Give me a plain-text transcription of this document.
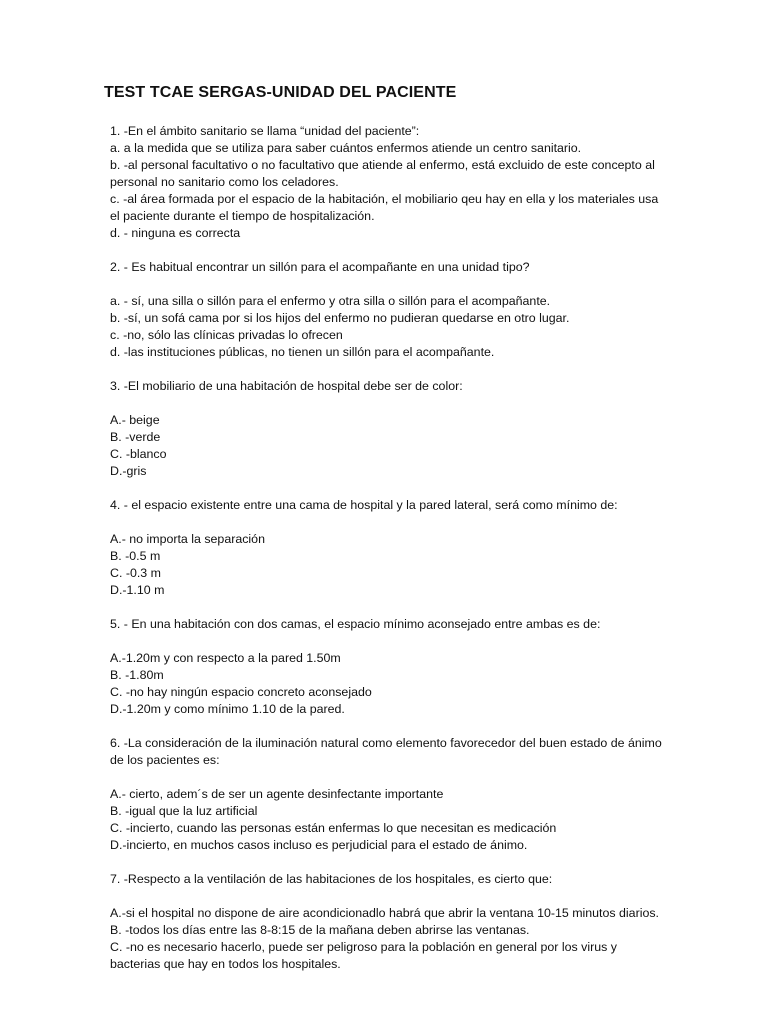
TEST TCAE SERGAS-UNIDAD DEL PACIENTE

1. -En el ámbito sanitario se llama “unidad del paciente”:

a. a la medida que se utiliza para saber cuántos enfermos atiende un centro sanitario.

b. -al personal facultativo o no facultativo que atiende al enfermo, está excluido de este concepto al personal no sanitario como los celadores.

c. -al área formada por el espacio de la habitación, el mobiliario qeu hay en ella y los materiales usa el paciente durante el tiempo de hospitalización.

d. - ninguna es correcta

2. - Es habitual encontrar un sillón para el acompañante en una unidad tipo?

a. - sí, una silla o sillón para el enfermo y otra silla o sillón para el acompañante.

b. -sí, un sofá cama por si los hijos del enfermo no pudieran quedarse en otro lugar.

c. -no, sólo las clínicas privadas lo ofrecen

d. -las instituciones públicas, no tienen un sillón para el acompañante.

3. -El mobiliario de una habitación de hospital debe ser de color:

A.- beige

B. -verde

C. -blanco

D.-gris

4. - el espacio existente entre una cama de hospital y la pared lateral, será como mínimo de:

A.- no importa la separación

B. -0.5 m

C. -0.3 m

D.-1.10 m

5. - En una habitación con dos camas, el espacio mínimo aconsejado entre ambas es de:

A.-1.20m y con respecto a la pared 1.50m

B. -1.80m

C. -no hay ningún espacio concreto aconsejado

D.-1.20m y como mínimo 1.10 de la pared.

6. -La consideración de la iluminación natural como elemento favorecedor del buen estado de ánimo de los pacientes es:

A.- cierto, adem´s de ser un agente desinfectante importante

B. -igual que la luz artificial

C. -incierto, cuando las personas están enfermas lo que necesitan es medicación

D.-incierto, en muchos casos incluso es perjudicial para el estado de ánimo.

7. -Respecto a la ventilación de las habitaciones de los hospitales, es cierto que:

A.-si el hospital no dispone de aire acondicionadlo habrá que abrir la ventana 10-15 minutos diarios.

B. -todos los días entre las 8-8:15 de la mañana deben abrirse las ventanas.

C. -no es necesario hacerlo, puede ser peligroso para la población en general por los virus y bacterias que hay en todos los hospitales.
